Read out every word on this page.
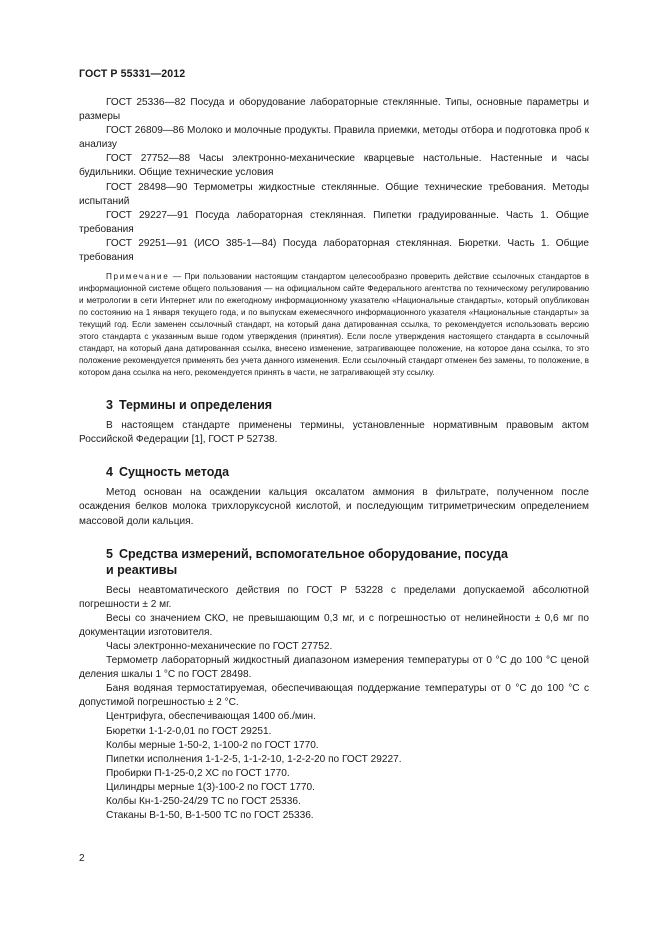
ГОСТ Р 55331—2012

ГОСТ 25336—82 Посуда и оборудование лабораторные стеклянные. Типы, основные параметры и размеры

ГОСТ 26809—86 Молоко и молочные продукты. Правила приемки, методы отбора и подготовка проб к анализу

ГОСТ 27752—88 Часы электронно-механические кварцевые настольные. Настенные и часы будильники. Общие технические условия

ГОСТ 28498—90 Термометры жидкостные стеклянные. Общие технические требования. Методы испытаний

ГОСТ 29227—91 Посуда лабораторная стеклянная. Пипетки градуированные. Часть 1. Общие требования

ГОСТ 29251—91 (ИСО 385-1—84) Посуда лабораторная стеклянная. Бюретки. Часть 1. Общие требования

Примечание — При пользовании настоящим стандартом целесообразно проверить действие ссылочных стандартов в информационной системе общего пользования — на официальном сайте Федерального агентства по техническому регулированию и метрологии в сети Интернет или по ежегодному информационному указателю «Национальные стандарты», который опубликован по состоянию на 1 января текущего года, и по выпускам ежемесячного информационного указателя «Национальные стандарты» за текущий год. Если заменен ссылочный стандарт, на который дана датированная ссылка, то рекомендуется использовать версию этого стандарта с указанным выше годом утверждения (принятия). Если после утверждения настоящего стандарта в ссылочный стандарт, на который дана датированная ссылка, внесено изменение, затрагивающее положение, на которое дана ссылка, то это положение рекомендуется применять без учета данного изменения. Если ссылочный стандарт отменен без замены, то положение, в котором дана ссылка на него, рекомендуется принять в части, не затрагивающей эту ссылку.

3 Термины и определения

В настоящем стандарте применены термины, установленные нормативным правовым актом Российской Федерации [1], ГОСТ Р 52738.

4 Сущность метода

Метод основан на осаждении кальция оксалатом аммония в фильтрате, полученном после осаждения белков молока трихлоруксусной кислотой, и последующим титриметрическим определением массовой доли кальция.

5 Средства измерений, вспомогательное оборудование, посуда
и реактивы

Весы неавтоматического действия по ГОСТ Р 53228 с пределами допускаемой абсолютной погрешности ± 2 мг.

Весы со значением СКО, не превышающим 0,3 мг, и с погрешностью от нелинейности ± 0,6 мг по документации изготовителя.

Часы электронно-механические по ГОСТ 27752.

Термометр лабораторный жидкостный диапазоном измерения температуры от 0 °С до 100 °С ценой деления шкалы 1 °С по ГОСТ 28498.

Баня водяная термостатируемая, обеспечивающая поддержание температуры от 0 °С до 100 °С с допустимой погрешностью ± 2 °С.

Центрифуга, обеспечивающая 1400 об./мин.

Бюретки 1-1-2-0,01 по ГОСТ 29251.

Колбы мерные 1-50-2, 1-100-2 по ГОСТ 1770.

Пипетки исполнения 1-1-2-5, 1-1-2-10, 1-2-2-20 по ГОСТ 29227.

Пробирки П-1-25-0,2 ХС по ГОСТ 1770.

Цилиндры мерные 1(3)-100-2 по ГОСТ 1770.

Колбы Кн-1-250-24/29 ТС по ГОСТ 25336.

Стаканы В-1-50, В-1-500 ТС по ГОСТ 25336.

2
